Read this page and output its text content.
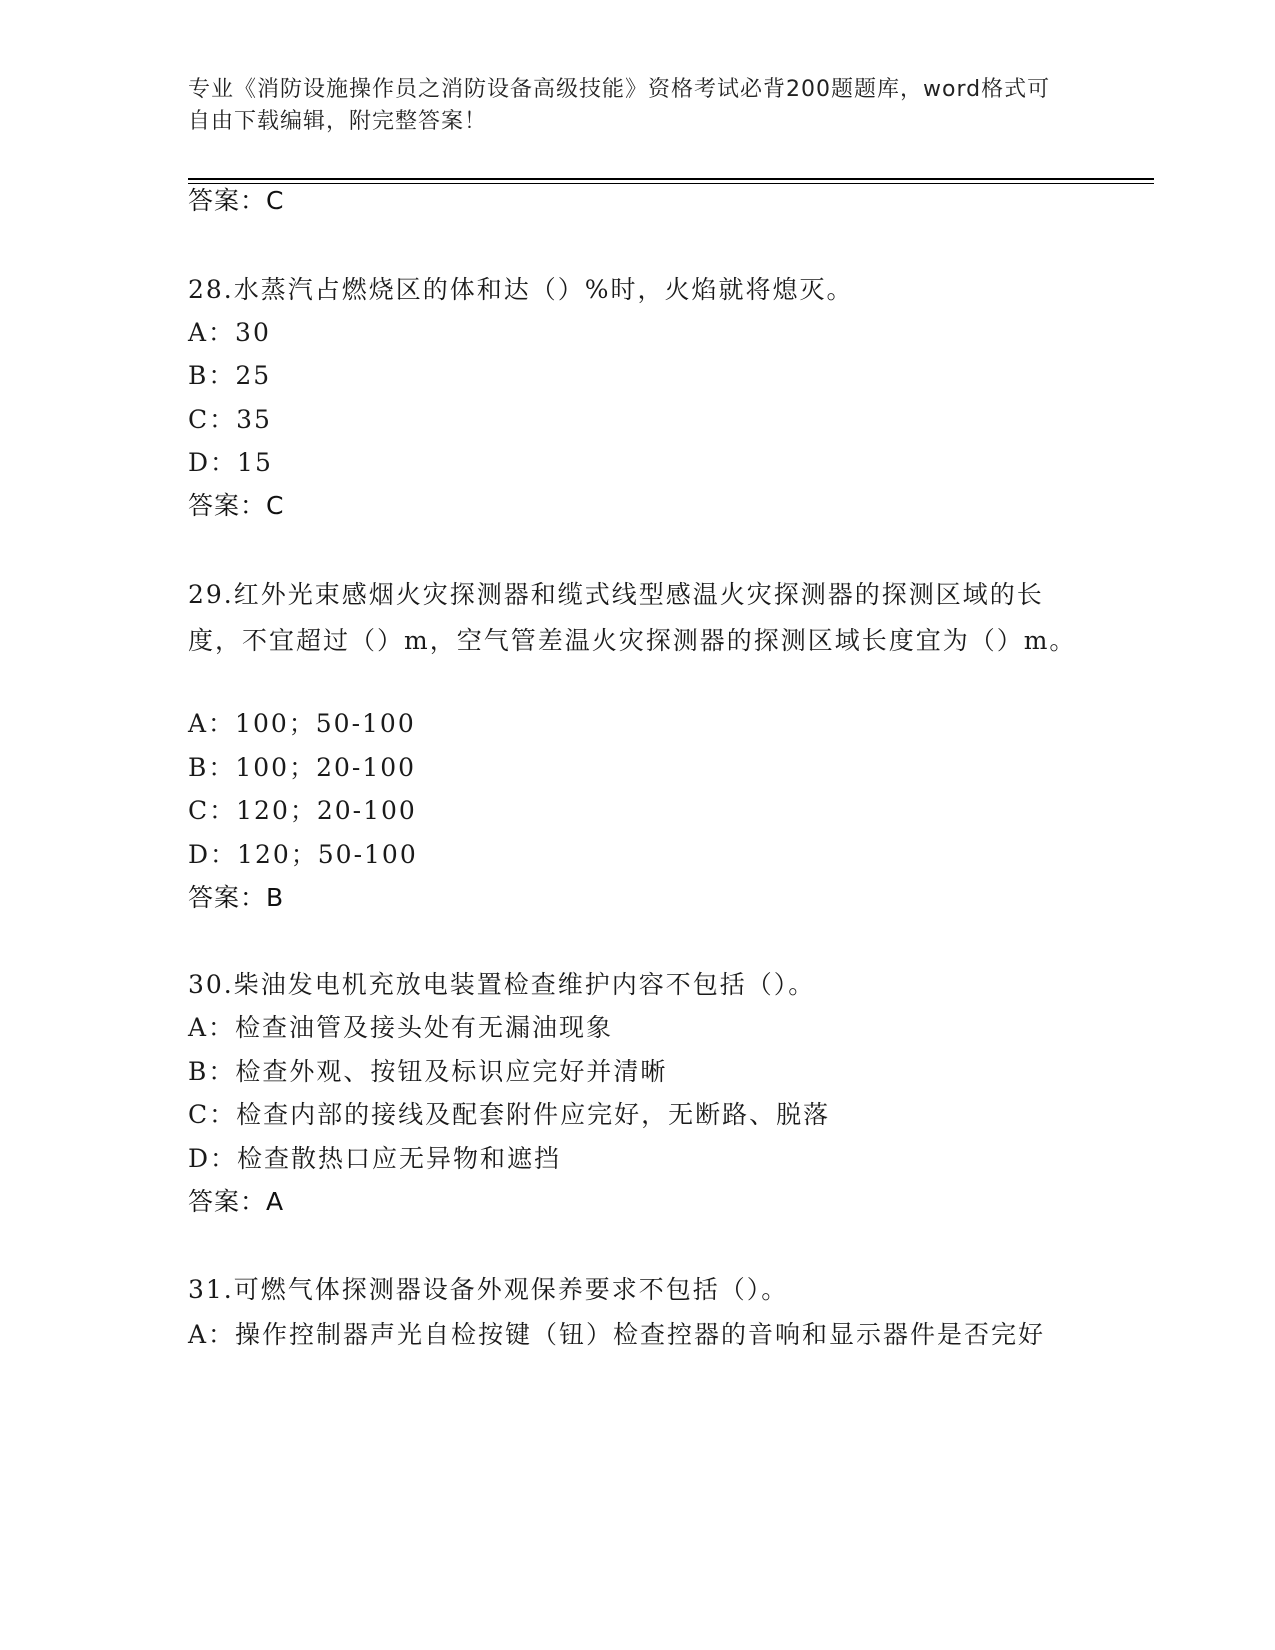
专业《消防设施操作员之消防设备高级技能》资格考试必背200题题库，word格式可自由下载编辑，附完整答案！
答案：C
28.水蒸汽占燃烧区的体和达（）%时，火焰就将熄灭。
A：30
B：25
C：35
D：15
答案：C
29.红外光束感烟火灾探测器和缆式线型感温火灾探测器的探测区域的长度，不宜超过（）m，空气管差温火灾探测器的探测区域长度宜为（）m。
A：100；50-100
B：100；20-100
C：120；20-100
D：120；50-100
答案：B
30.柴油发电机充放电装置检查维护内容不包括（）。
A：检查油管及接头处有无漏油现象
B：检查外观、按钮及标识应完好并清晰
C：检查内部的接线及配套附件应完好，无断路、脱落
D：检查散热口应无异物和遮挡
答案：A
31.可燃气体探测器设备外观保养要求不包括（）。
A：操作控制器声光自检按键（钮）检查控器的音响和显示器件是否完好
